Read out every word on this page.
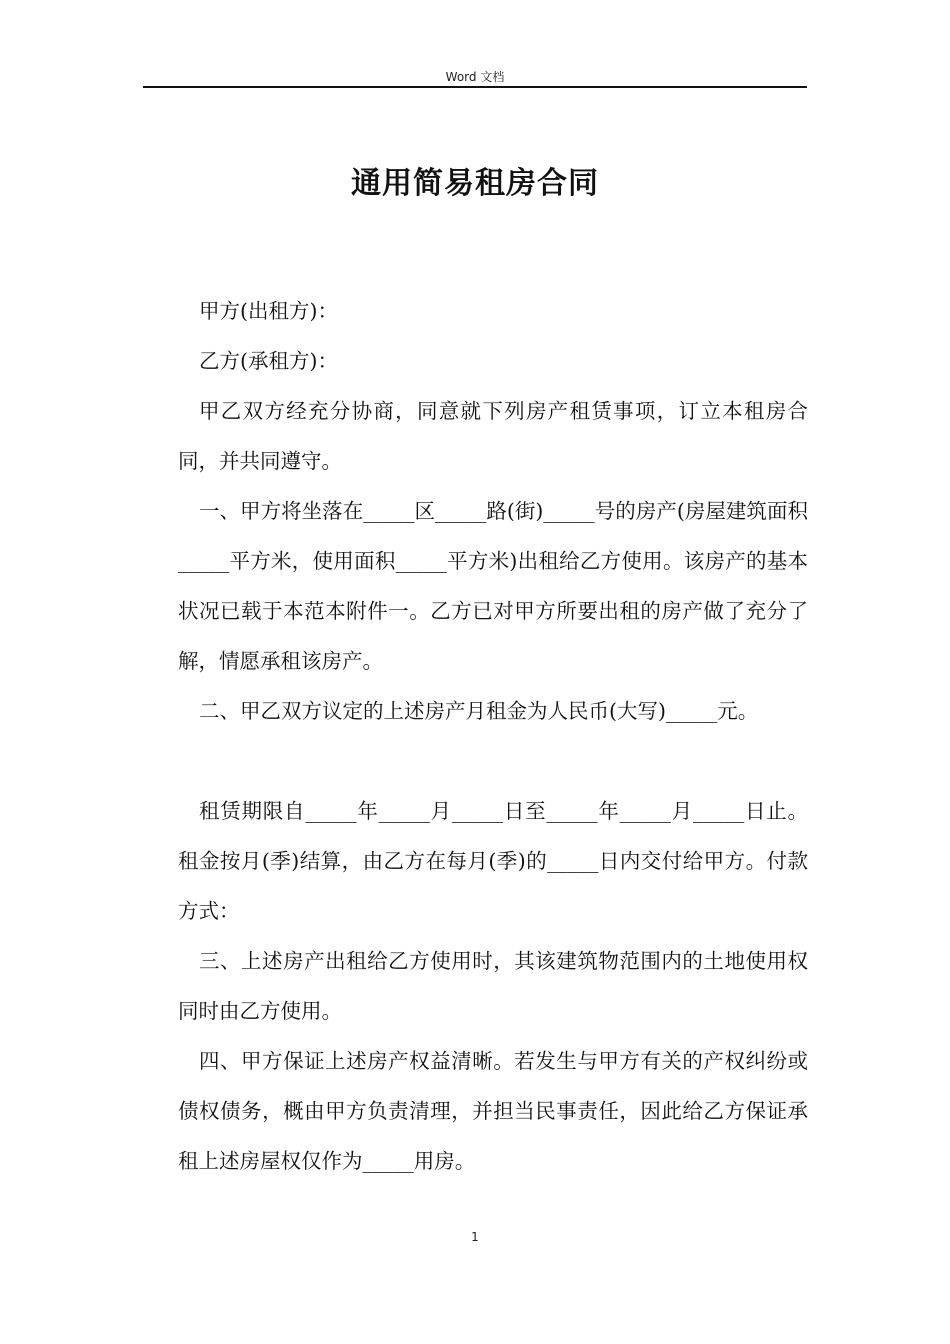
Word 文档
通用简易租房合同

甲方(出租方)：

乙方(承租方)：

甲乙双方经充分协商，同意就下列房产租赁事项，订立本租房合同，并共同遵守。

一、甲方将坐落在_____区_____路(街)_____号的房产(房屋建筑面积_____平方米，使用面积_____平方米)出租给乙方使用。该房产的基本状况已载于本范本附件一。乙方已对甲方所要出租的房产做了充分了解，情愿承租该房产。

二、甲乙双方议定的上述房产月租金为人民币(大写)_____元。

租赁期限自_____年_____月_____日至_____年_____月_____日止。租金按月(季)结算，由乙方在每月(季)的_____日内交付给甲方。付款方式：

三、上述房产出租给乙方使用时，其该建筑物范围内的土地使用权同时由乙方使用。

四、甲方保证上述房产权益清晰。若发生与甲方有关的产权纠纷或债权债务，概由甲方负责清理，并担当民事责任，因此给乙方保证承租上述房屋权仅作为_____用房。

1
